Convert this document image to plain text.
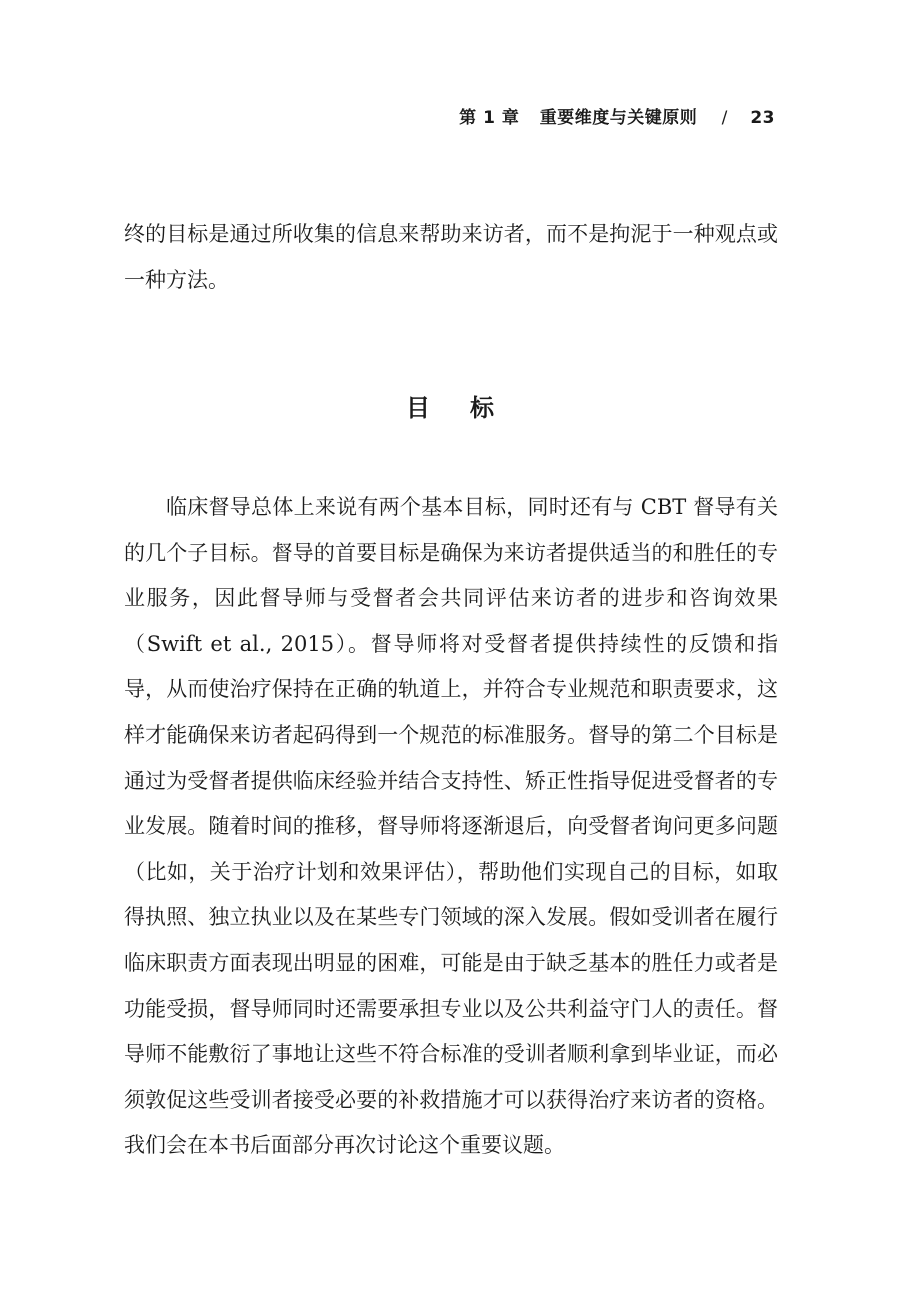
第 1 章 重要维度与关键原则 / 23

终的目标是通过所收集的信息来帮助来访者，而不是拘泥于一种观点或一种方法。

目标

临床督导总体上来说有两个基本目标，同时还有与 CBT 督导有关的几个子目标。督导的首要目标是确保为来访者提供适当的和胜任的专业服务，因此督导师与受督者会共同评估来访者的进步和咨询效果（Swift et al., 2015）。督导师将对受督者提供持续性的反馈和指导，从而使治疗保持在正确的轨道上，并符合专业规范和职责要求，这样才能确保来访者起码得到一个规范的标准服务。督导的第二个目标是通过为受督者提供临床经验并结合支持性、矫正性指导促进受督者的专业发展。随着时间的推移，督导师将逐渐退后，向受督者询问更多问题（比如，关于治疗计划和效果评估），帮助他们实现自己的目标，如取得执照、独立执业以及在某些专门领域的深入发展。假如受训者在履行临床职责方面表现出明显的困难，可能是由于缺乏基本的胜任力或者是功能受损，督导师同时还需要承担专业以及公共利益守门人的责任。督导师不能敷衍了事地让这些不符合标准的受训者顺利拿到毕业证，而必须敦促这些受训者接受必要的补救措施才可以获得治疗来访者的资格。我们会在本书后面部分再次讨论这个重要议题。
